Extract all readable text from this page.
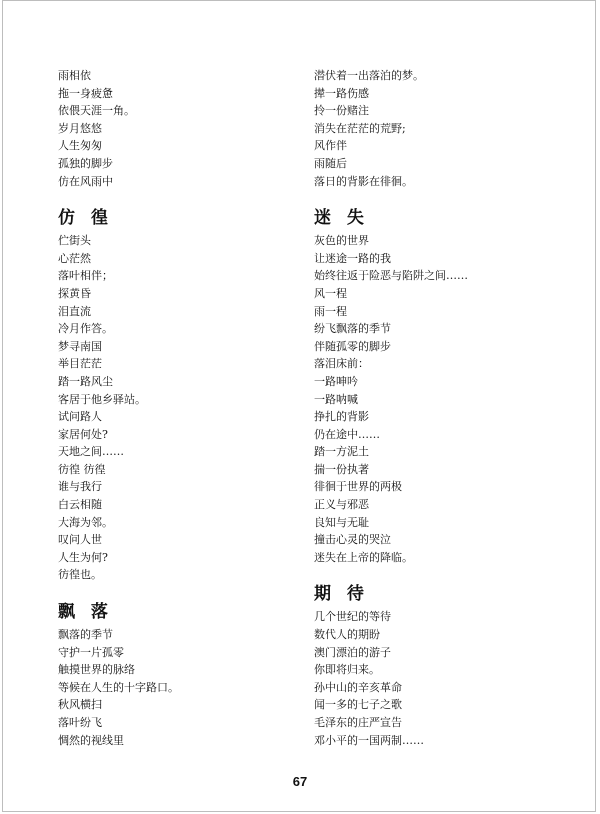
雨相依
拖一身疲惫
依偎天涯一角。
岁月悠悠
人生匆匆
孤独的脚步
仿在风雨中
仿 徨
伫街头
心茫然
落叶相伴；
探黄昏
泪直流
冷月作答。
梦寻南国
举目茫茫
踏一路风尘
客居于他乡驿站。
试问路人
家居何处?
天地之间……
彷徨 彷徨
谁与我行
白云相随
大海为邻。
叹问人世
人生为何?
彷徨也。
飘 落
飘落的季节
守护一片孤零
触摸世界的脉络
等候在人生的十字路口。
秋风横扫
落叶纷飞
惆然的视线里
潜伏着一出落泊的梦。
撵一路伤感
拎一份赌注
消失在茫茫的荒野;
风作伴
雨随后
落日的背影在徘徊。
迷 失
灰色的世界
让迷途一路的我
始终往返于险恶与陷阱之间……
风一程
雨一程
纷飞飘落的季节
伴随孤零的脚步
落泪床前：
一路呻吟
一路呐喊
挣扎的背影
仍在途中……
踏一方泥土
揣一份执著
徘徊于世界的两极
正义与邪恶
良知与无耻
撞击心灵的哭泣
迷失在上帝的降临。
期 待
几个世纪的等待
数代人的期盼
澳门漂泊的游子
你即将归来。
孙中山的辛亥革命
闻一多的七子之歌
毛泽东的庄严宣告
邓小平的一国两制……
67
